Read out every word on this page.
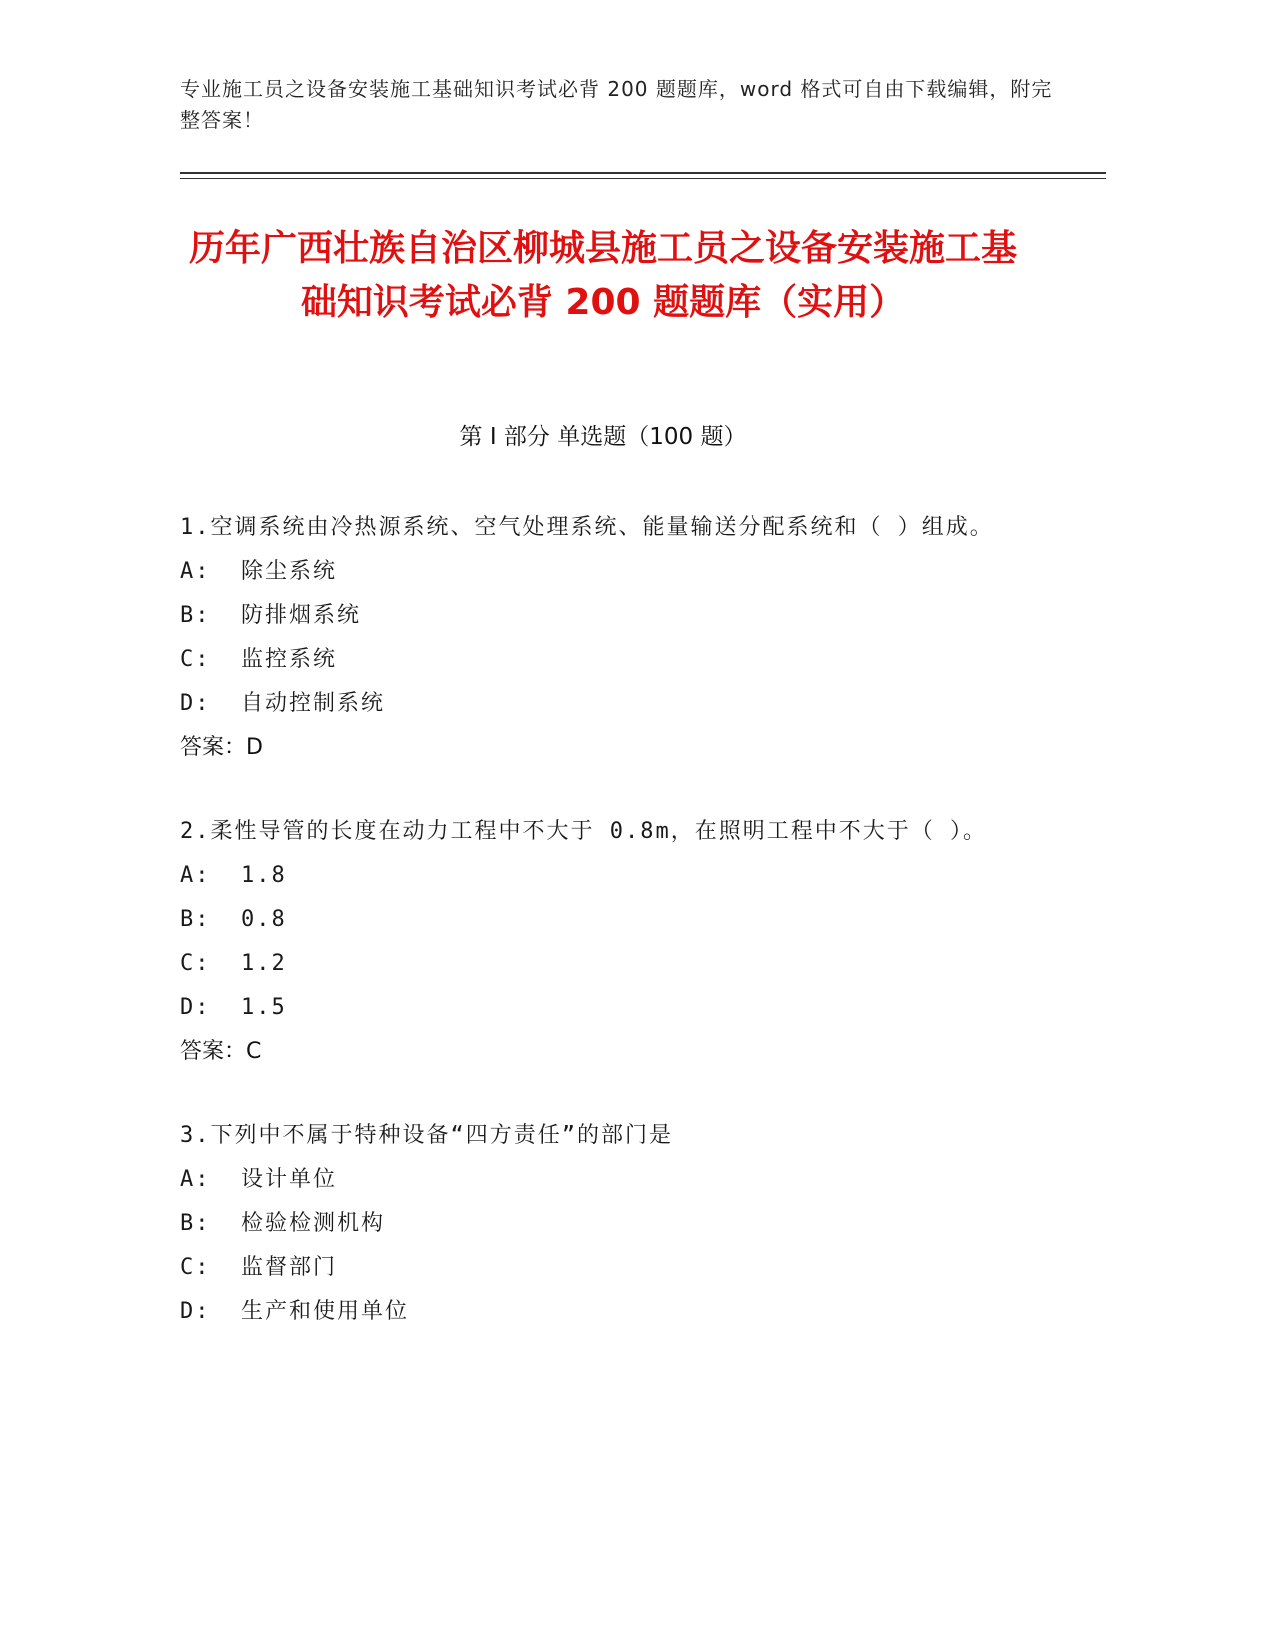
专业施工员之设备安装施工基础知识考试必背 200 题题库，word 格式可自由下载编辑，附完整答案！
历年广西壮族自治区柳城县施工员之设备安装施工基础知识考试必背 200 题题库（实用）
第 I 部分 单选题（100 题）
1.空调系统由冷热源系统、空气处理系统、能量输送分配系统和（ ）组成。
A:  除尘系统
B:  防排烟系统
C:  监控系统
D:  自动控制系统
答案：D
2.柔性导管的长度在动力工程中不大于 0.8m，在照明工程中不大于（ ）。
A:  1.8
B:  0.8
C:  1.2
D:  1.5
答案：C
3.下列中不属于特种设备“四方责任”的部门是
A:  设计单位
B:  检验检测机构
C:  监督部门
D:  生产和使用单位
